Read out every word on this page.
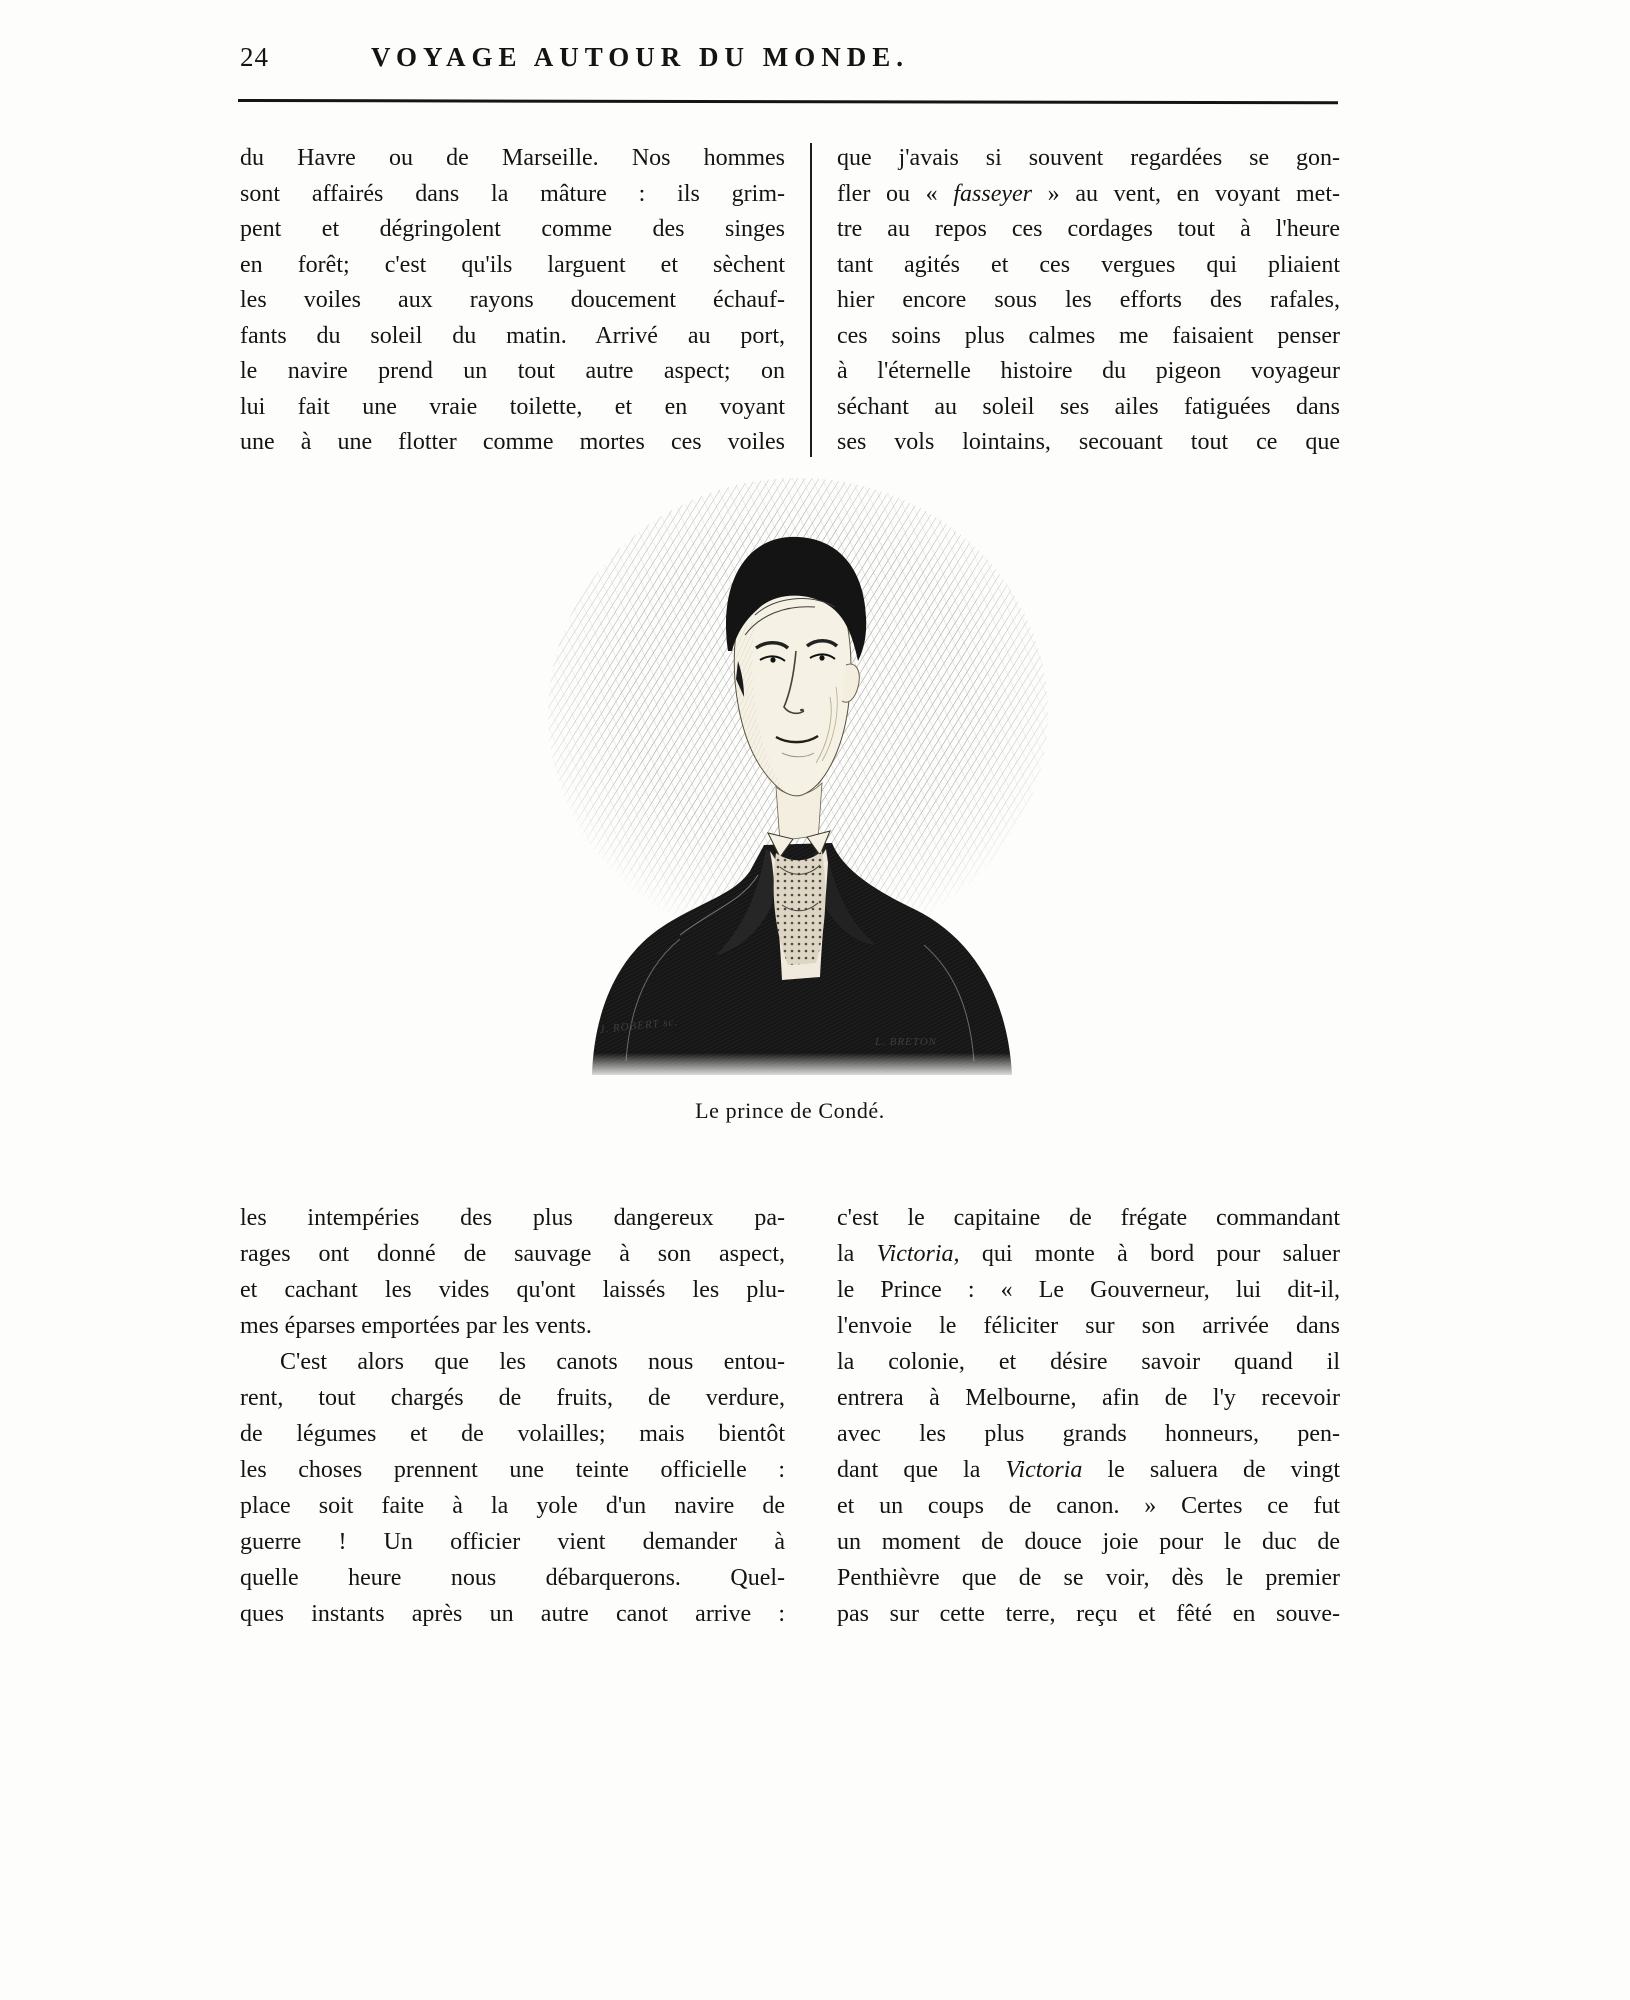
24	VOYAGE AUTOUR DU MONDE.
du Havre ou de Marseille. Nos hommes
sont affairés dans la mâture : ils grim-
pent et dégringolent comme des singes
en forêt; c'est qu'ils larguent et sèchent
les voiles aux rayons doucement échauf-
fants du soleil du matin. Arrivé au port,
le navire prend un tout autre aspect; on
lui fait une vraie toilette, et en voyant
une à une flotter comme mortes ces voiles
que j'avais si souvent regardées se gon-
fler ou « fasseyer » au vent, en voyant met-
tre au repos ces cordages tout à l'heure
tant agités et ces vergues qui pliaient
hier encore sous les efforts des rafales,
ces soins plus calmes me faisaient penser
à l'éternelle histoire du pigeon voyageur
séchant au soleil ses ailes fatiguées dans
ses vols lointains, secouant tout ce que
J. ROBERT sc.
L. BRETON
Le prince de Condé.
les intempéries des plus dangereux pa-
rages ont donné de sauvage à son aspect,
et cachant les vides qu'ont laissés les plu-
mes éparses emportées par les vents.
C'est alors que les canots nous entou-
rent, tout chargés de fruits, de verdure,
de légumes et de volailles; mais bientôt
les choses prennent une teinte officielle :
place soit faite à la yole d'un navire de
guerre ! Un officier vient demander à
quelle heure nous débarquerons. Quel-
ques instants après un autre canot arrive :
c'est le capitaine de frégate commandant
la Victoria, qui monte à bord pour saluer
le Prince : « Le Gouverneur, lui dit-il,
l'envoie le féliciter sur son arrivée dans
la colonie, et désire savoir quand il
entrera à Melbourne, afin de l'y recevoir
avec les plus grands honneurs, pen-
dant que la Victoria le saluera de vingt
et un coups de canon. » Certes ce fut
un moment de douce joie pour le duc de
Penthièvre que de se voir, dès le premier
pas sur cette terre, reçu et fêté en souve-
